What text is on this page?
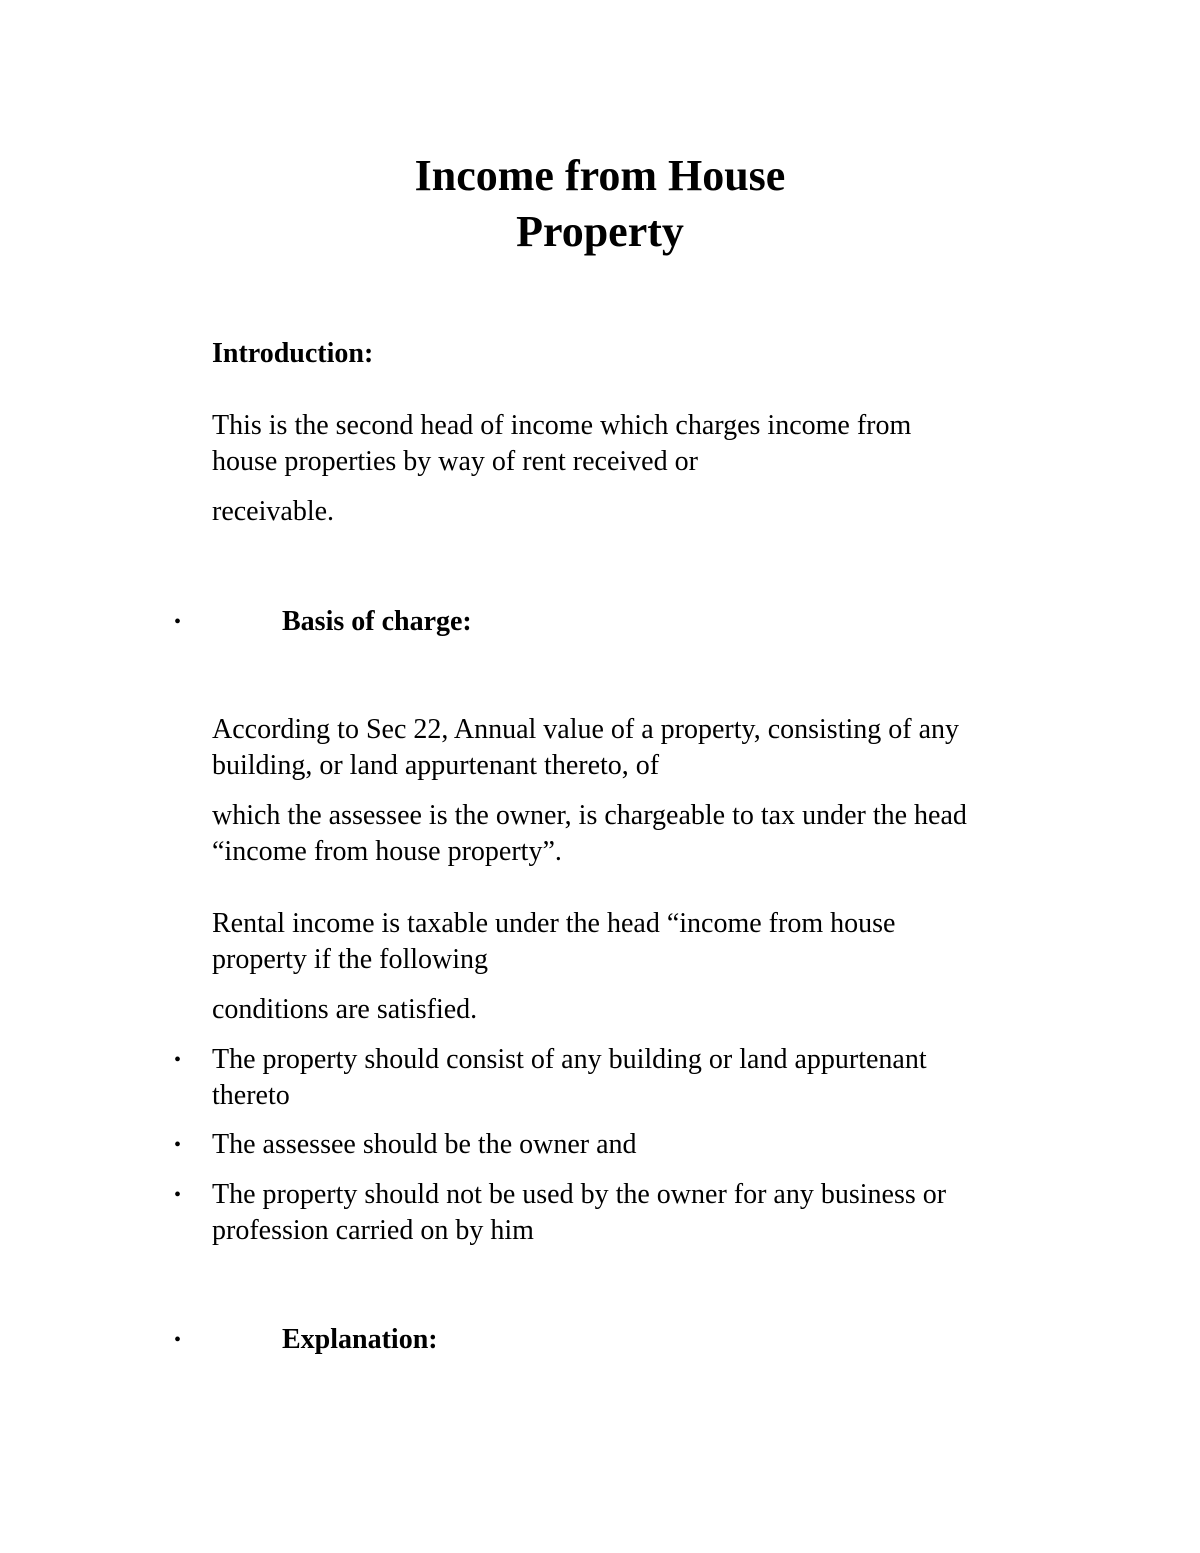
Income from House
Property
Introduction:
This is the second head of income which charges income from
house properties by way of rent received or
receivable.
•	Basis of charge:
According to Sec 22, Annual value of a property, consisting of any
building, or land appurtenant thereto, of
which the assessee is the owner, is chargeable to tax under the head
“income from house property”.
Rental income is taxable under the head “income from house
property if the following
conditions are satisfied.
• The property should consist of any building or land appurtenant
thereto
• The assessee should be the owner and
• The property should not be used by the owner for any business or
profession carried on by him
•	Explanation:
